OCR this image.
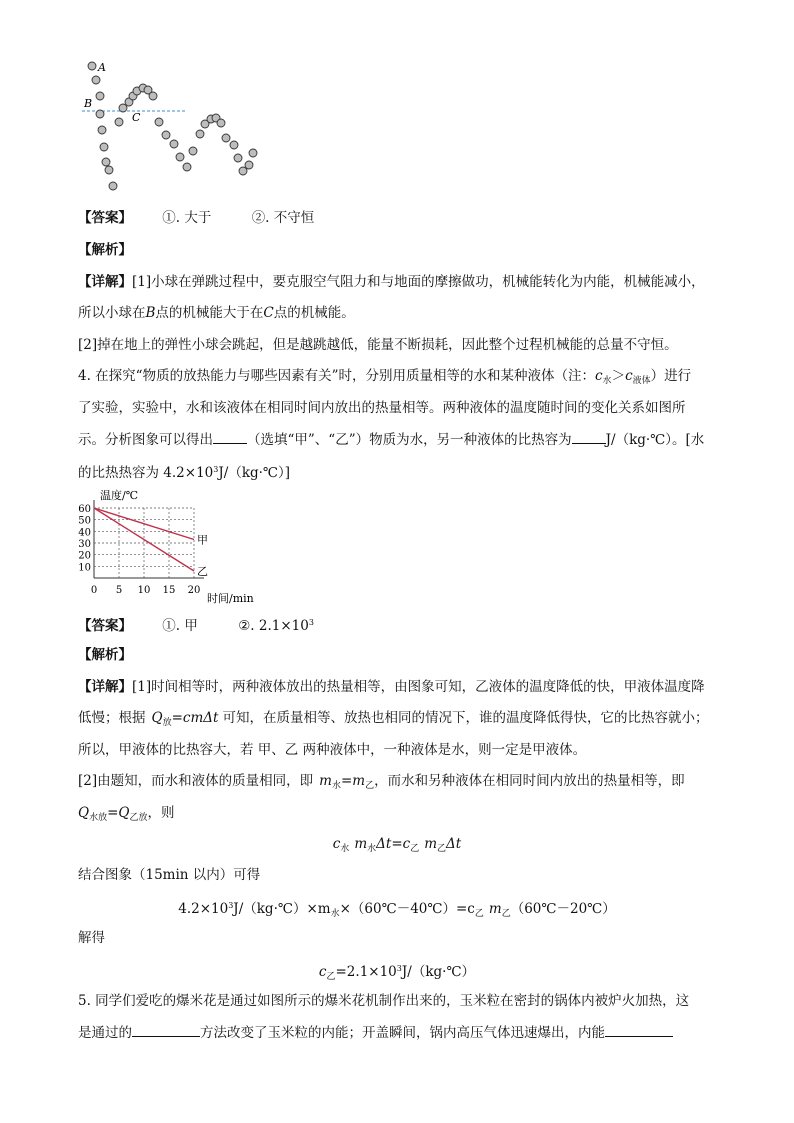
A
B
C
【答案】 ①. 大于	②. 不守恒
【解析】
【详解】[1]小球在弹跳过程中，要克服空气阻力和与地面的摩擦做功，机械能转化为内能，机械能减小，
所以小球在B点的机械能大于在C点的机械能。
[2]掉在地上的弹性小球会跳起，但是越跳越低，能量不断损耗，因此整个过程机械能的总量不守恒。
4. 在探究“物质的放热能力与哪些因素有关”时，分别用质量相等的水和某种液体（注：$c_水>c_{液体}$）进行
了实验，实验中，水和该液体在相同时间内放出的热量相等。两种液体的温度随时间的变化关系如图所
示。分析图象可以得出	（选填“甲”、“乙”）物质为水，另一种液体的比热容为	J/（kg·℃）。[水
的比热热容为 $4.2\times 10^3J/(kg\cdot℃)$]
温度/℃
时间/min
10
20
30
40
50
60
0 5 10 15 20
甲
乙
【答案】 ①. 甲	②. $2.1\times 10^3$
【解析】
【详解】[1]时间相等时，两种液体放出的热量相等，由图象可知，乙液体的温度降低的快，甲液体温度降
低慢；根据 $Q_放=cm\Delta t$ 可知，在质量相等、放热也相同的情况下，谁的温度降低得快，它的比热容就小；
所以，甲液体的比热容大，若 甲、乙 两种液体中，一种液体是水，则一定是甲液体。
[2]由题知，而水和液体的质量相同，即 $m_水=m_乙$，而水和另种液体在相同时间内放出的热量相等，即
$Q_{水放}=Q_{乙放}$，则
$c_水$ $m_水\Delta t=c_乙$ $m_乙\Delta t$
结合图象（15min 以内）可得
$4.2\times 10^3J/(kg\cdot℃)\times m_水\times(60℃-40℃)=c_乙$ $m_乙(60℃-20℃)$
解得
$c_乙=2.1\times 10^3J/(kg\cdot℃)$
5. 同学们爱吃的爆米花是通过如图所示的爆米花机制作出来的，玉米粒在密封的锅体内被炉火加热，这
是通过的	方法改变了玉米粒的内能；开盖瞬间，锅内高压气体迅速爆出，内能
